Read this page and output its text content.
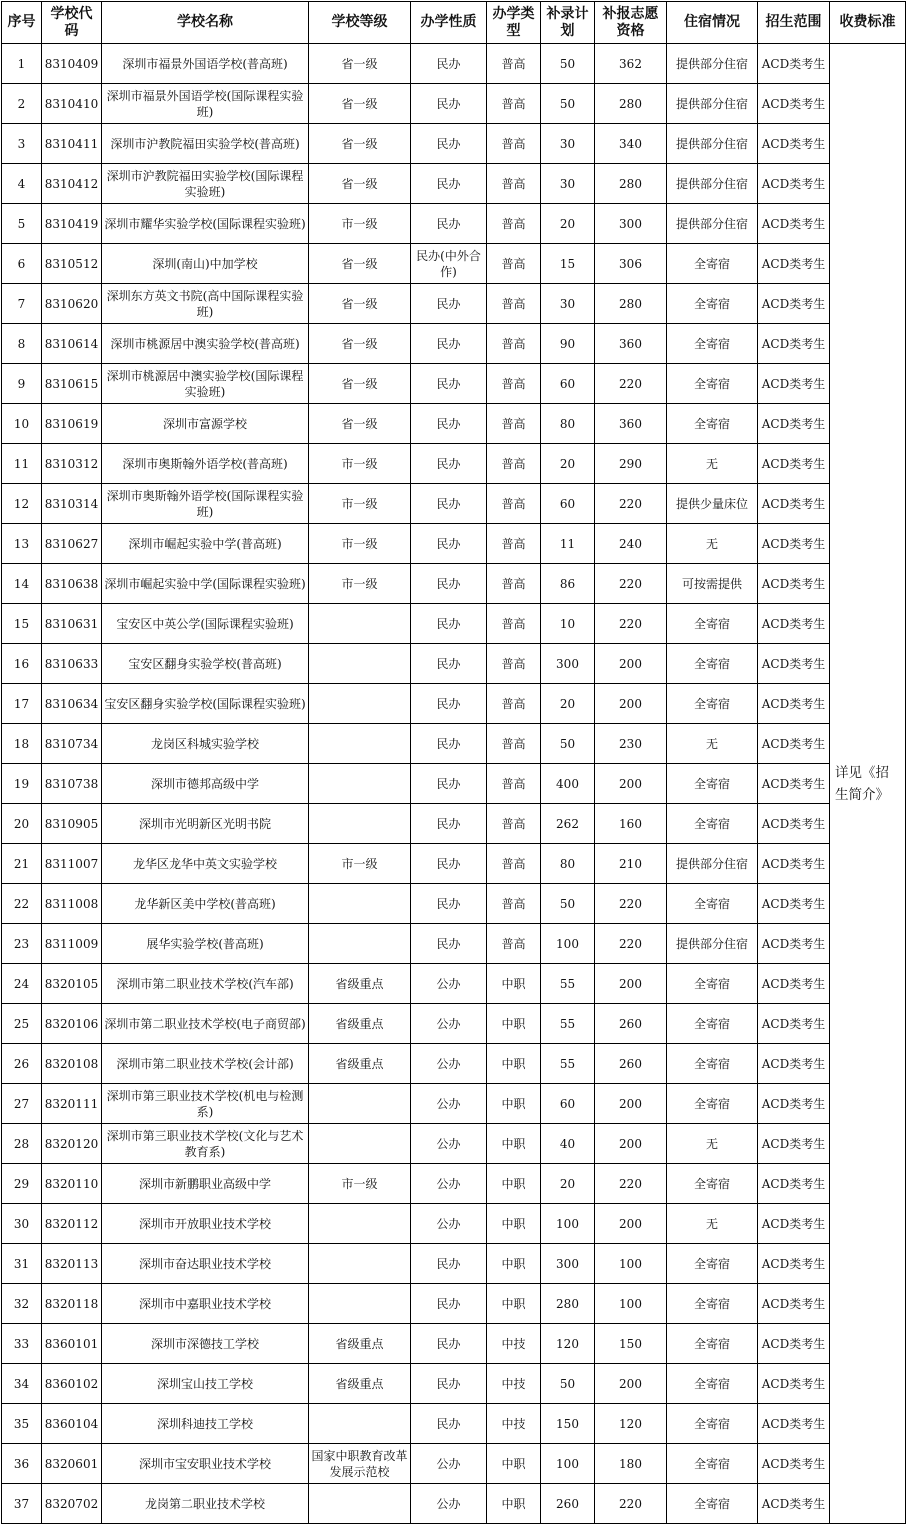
序号	学校代码	学校名称	学校等级	办学性质	办学类型	补录计划	补报志愿资格	住宿情况	招生范围	收费标准
1	8310409	深圳市福景外国语学校(普高班)	省一级	民办	普高	50	362	提供部分住宿	ACD类考生	详见《招生简介》
2	8310410	深圳市福景外国语学校(国际课程实验班)	省一级	民办	普高	50	280	提供部分住宿	ACD类考生	
3	8310411	深圳市沪教院福田实验学校(普高班)	省一级	民办	普高	30	340	提供部分住宿	ACD类考生	
4	8310412	深圳市沪教院福田实验学校(国际课程实验班)	省一级	民办	普高	30	280	提供部分住宿	ACD类考生	
5	8310419	深圳市耀华实验学校(国际课程实验班)	市一级	民办	普高	20	300	提供部分住宿	ACD类考生	
6	8310512	深圳(南山)中加学校	省一级	民办(中外合作)	普高	15	306	全寄宿	ACD类考生	
7	8310620	深圳东方英文书院(高中国际课程实验班)	省一级	民办	普高	30	280	全寄宿	ACD类考生	
8	8310614	深圳市桃源居中澳实验学校(普高班)	省一级	民办	普高	90	360	全寄宿	ACD类考生	
9	8310615	深圳市桃源居中澳实验学校(国际课程实验班)	省一级	民办	普高	60	220	全寄宿	ACD类考生	
10	8310619	深圳市富源学校	省一级	民办	普高	80	360	全寄宿	ACD类考生	
11	8310312	深圳市奥斯翰外语学校(普高班)	市一级	民办	普高	20	290	无	ACD类考生	
12	8310314	深圳市奥斯翰外语学校(国际课程实验班)	市一级	民办	普高	60	220	提供少量床位	ACD类考生	
13	8310627	深圳市崛起实验中学(普高班)	市一级	民办	普高	11	240	无	ACD类考生	
14	8310638	深圳市崛起实验中学(国际课程实验班)	市一级	民办	普高	86	220	可按需提供	ACD类考生	
15	8310631	宝安区中英公学(国际课程实验班)		民办	普高	10	220	全寄宿	ACD类考生	
16	8310633	宝安区翻身实验学校(普高班)		民办	普高	300	200	全寄宿	ACD类考生	
17	8310634	宝安区翻身实验学校(国际课程实验班)		民办	普高	20	200	全寄宿	ACD类考生	
18	8310734	龙岗区科城实验学校		民办	普高	50	230	无	ACD类考生	
19	8310738	深圳市德邦高级中学		民办	普高	400	200	全寄宿	ACD类考生	
20	8310905	深圳市光明新区光明书院		民办	普高	262	160	全寄宿	ACD类考生	
21	8311007	龙华区龙华中英文实验学校	市一级	民办	普高	80	210	提供部分住宿	ACD类考生	
22	8311008	龙华新区美中学校(普高班)		民办	普高	50	220	全寄宿	ACD类考生	
23	8311009	展华实验学校(普高班)		民办	普高	100	220	提供部分住宿	ACD类考生	
24	8320105	深圳市第二职业技术学校(汽车部)	省级重点	公办	中职	55	200	全寄宿	ACD类考生	
25	8320106	深圳市第二职业技术学校(电子商贸部)	省级重点	公办	中职	55	260	全寄宿	ACD类考生	
26	8320108	深圳市第二职业技术学校(会计部)	省级重点	公办	中职	55	260	全寄宿	ACD类考生	
27	8320111	深圳市第三职业技术学校(机电与检测系)		公办	中职	60	200	全寄宿	ACD类考生	
28	8320120	深圳市第三职业技术学校(文化与艺术教育系)		公办	中职	40	200	无	ACD类考生	
29	8320110	深圳市新鹏职业高级中学	市一级	公办	中职	20	220	全寄宿	ACD类考生	
30	8320112	深圳市开放职业技术学校		公办	中职	100	200	无	ACD类考生	
31	8320113	深圳市奋达职业技术学校		民办	中职	300	100	全寄宿	ACD类考生	
32	8320118	深圳市中嘉职业技术学校		民办	中职	280	100	全寄宿	ACD类考生	
33	8360101	深圳市深德技工学校	省级重点	民办	中技	120	150	全寄宿	ACD类考生	
34	8360102	深圳宝山技工学校	省级重点	民办	中技	50	200	全寄宿	ACD类考生	
35	8360104	深圳科迪技工学校		民办	中技	150	120	全寄宿	ACD类考生	
36	8320601	深圳市宝安职业技术学校	国家中职教育改革发展示范校	公办	中职	100	180	全寄宿	ACD类考生	
37	8320702	龙岗第二职业技术学校		公办	中职	260	220	全寄宿	ACD类考生	
